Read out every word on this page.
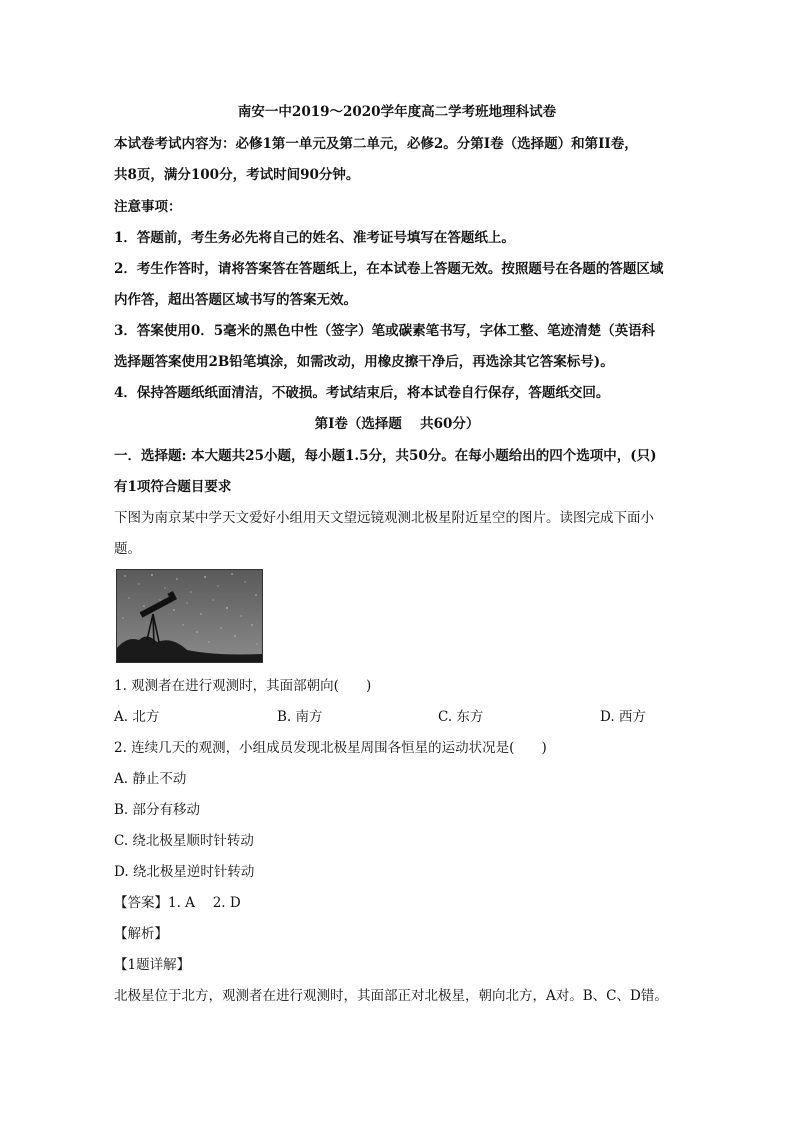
南安一中2019～2020学年度高二学考班地理科试卷
本试卷考试内容为：必修1第一单元及第二单元，必修2。分第Ⅰ卷（选择题）和第II卷，
共8页，满分100分，考试时间90分钟。
注意事项：
1．答题前，考生务必先将自己的姓名、准考证号填写在答题纸上。
2．考生作答时，请将答案答在答题纸上，在本试卷上答题无效。按照题号在各题的答题区域
内作答，超出答题区域书写的答案无效。
3．答案使用0．5毫米的黑色中性（签字）笔或碳素笔书写，字体工整、笔迹清楚（英语科
选择题答案使用2B铅笔填涂，如需改动，用橡皮擦干净后，再选涂其它答案标号)。
4．保持答题纸纸面清洁，不破损。考试结束后，将本试卷自行保存，答题纸交回。
第Ⅰ卷（选择题　 共60分）
一．选择题: 本大题共25小题，每小题1.5分，共50分。在每小题给出的四个选项中，(只)
有1项符合题目要求
下图为南京某中学天文爱好小组用天文望远镜观测北极星附近星空的图片。读图完成下面小
题。
1. 观测者在进行观测时，其面部朝向(　　)
A. 北方	B. 南方	C. 东方	D. 西方
2. 连续几天的观测，小组成员发现北极星周围各恒星的运动状况是(　　)
A. 静止不动
B. 部分有移动
C. 绕北极星顺时针转动
D. 绕北极星逆时针转动
【答案】1. A　 2. D
【解析】
【1题详解】
北极星位于北方，观测者在进行观测时，其面部正对北极星，朝向北方，A对。B、C、D错。
